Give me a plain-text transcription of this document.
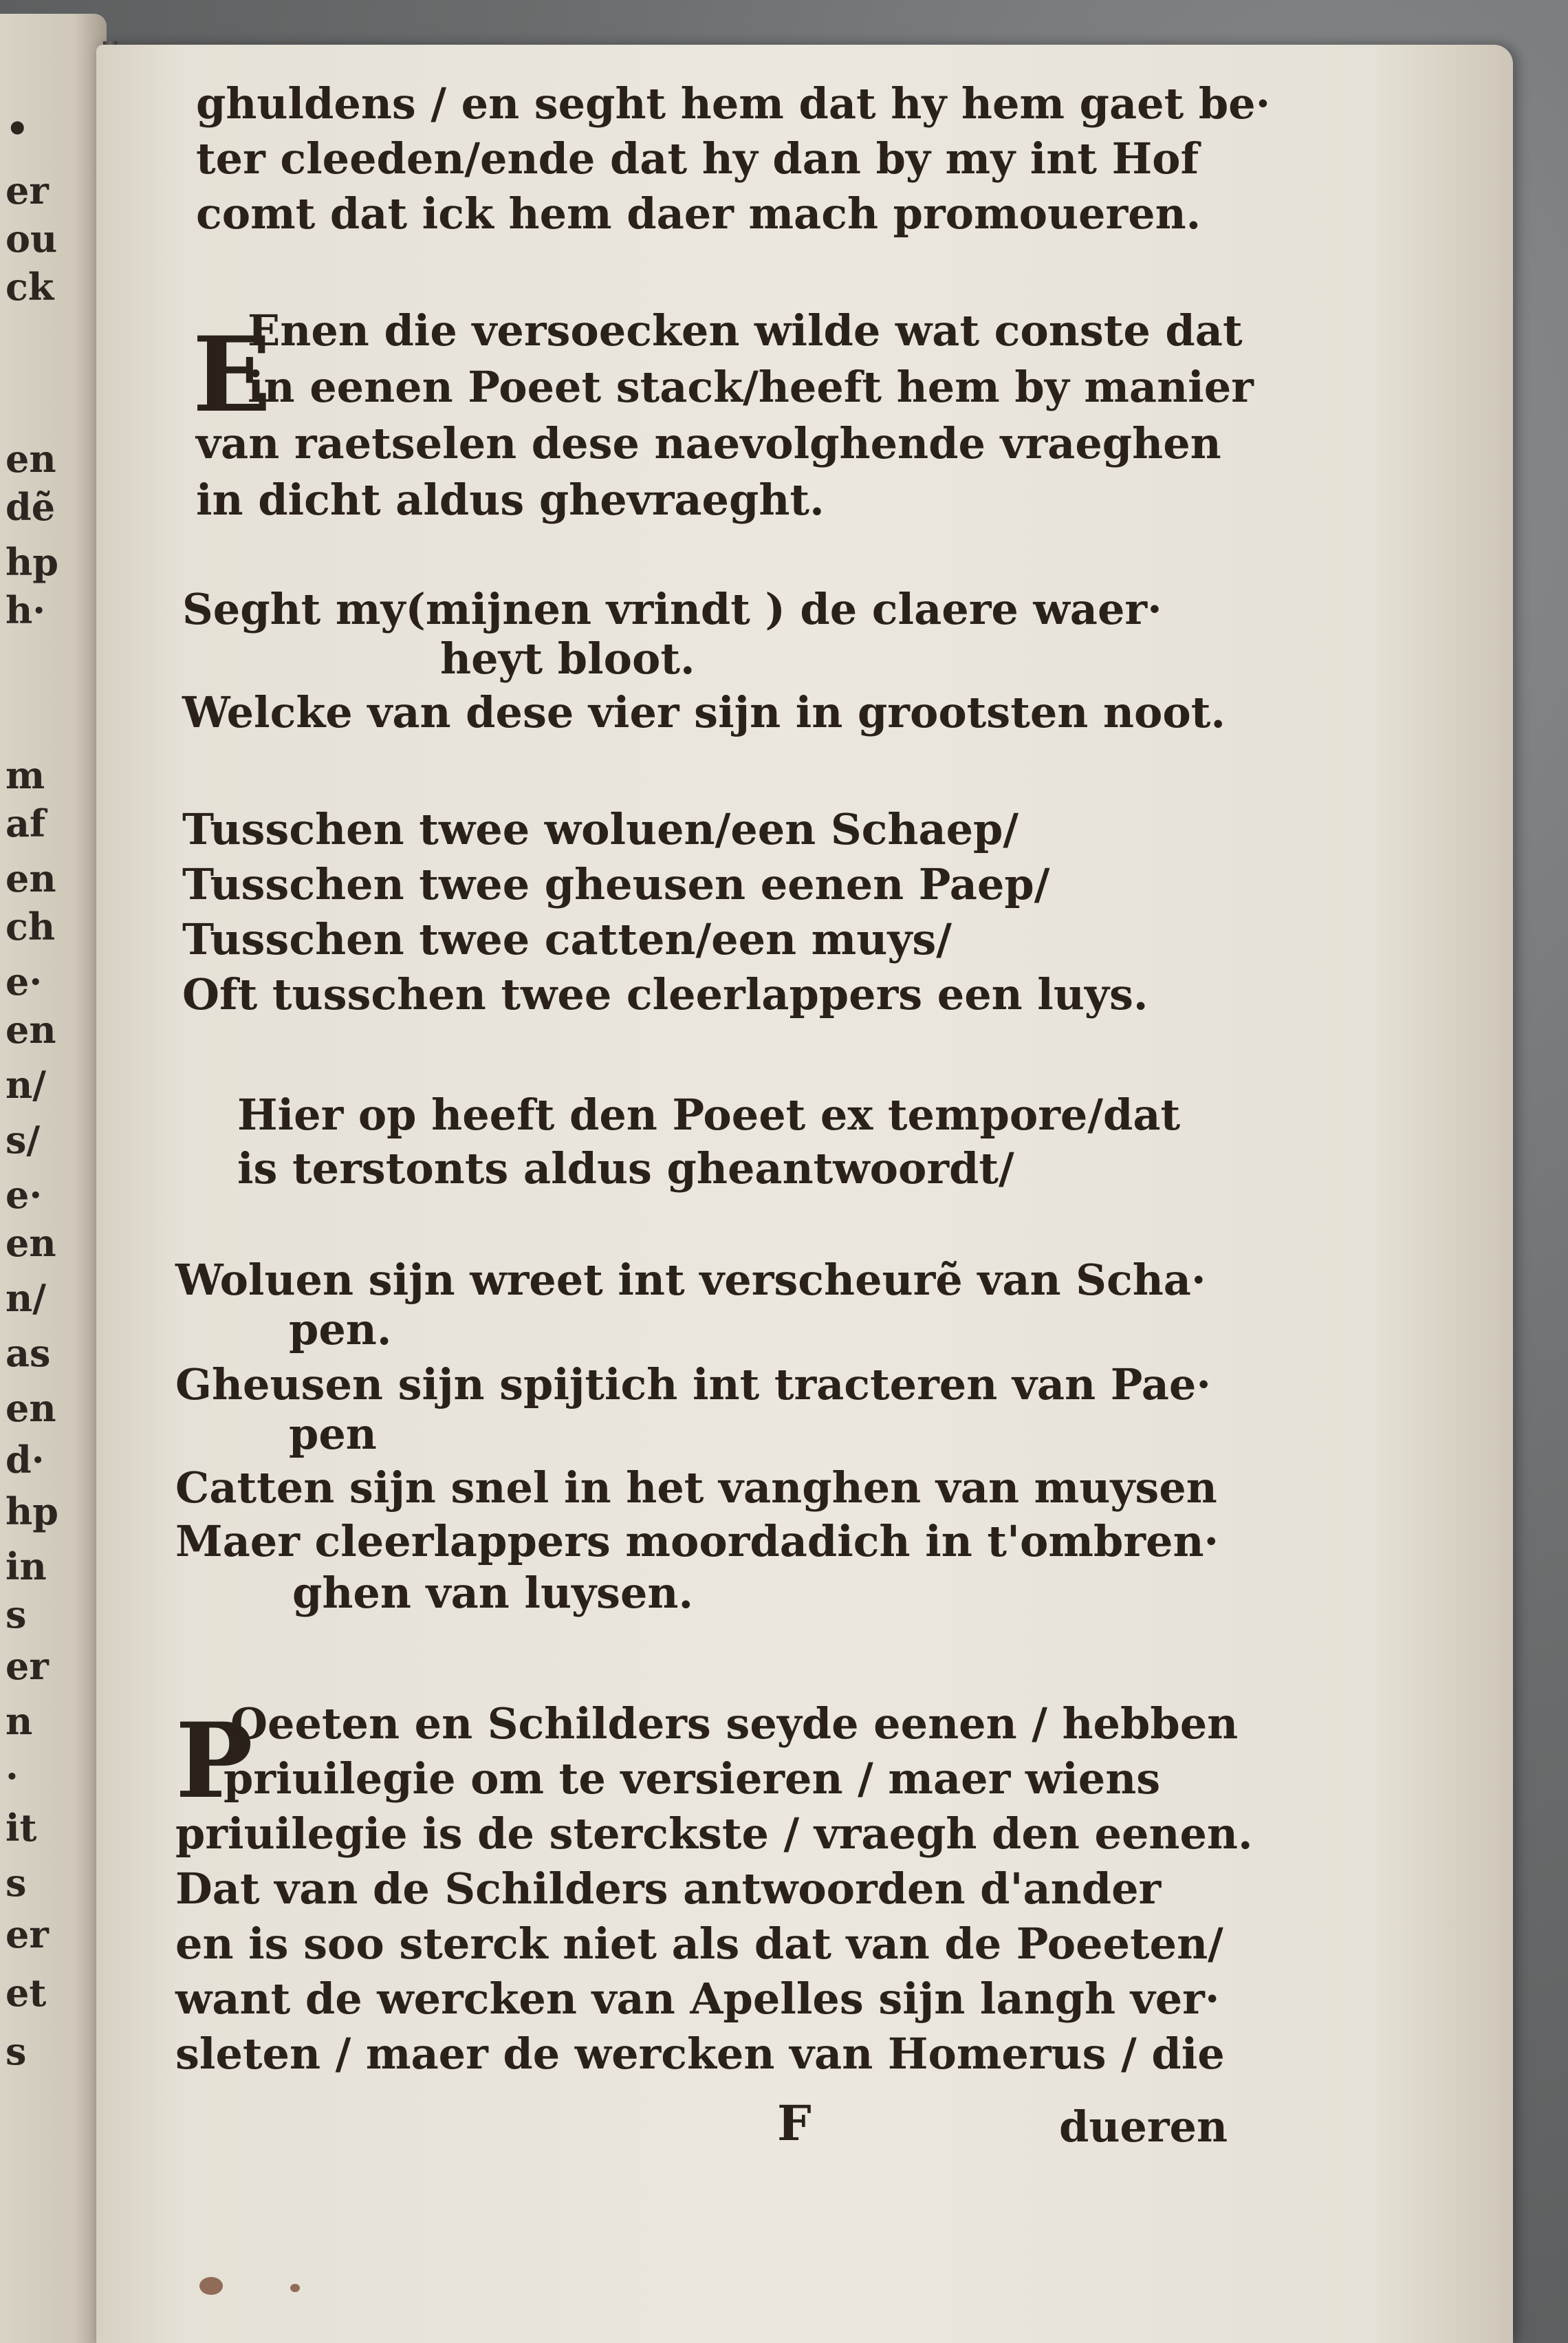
•
er
ou
ck
en
dẽ
hp
h·
m
af
en
ch
e·
en
n/
s/
e·
en
n/
as
en
d·
hp
in
s
er
n
·
it
s
er
et
s
ghuldens / en seght hem dat hy hem gaet be·
ter cleeden/ende dat hy dan by my int Hof
comt dat ick hem daer mach promoueren.
E
Enen die versoecken wilde wat conste dat
in eenen Poeet stack/heeft hem by manier
van raetselen dese naevolghende vraeghen
in dicht aldus ghevraeght.
Seght my(mijnen vrindt ) de claere waer·
heyt bloot.
Welcke van dese vier sijn in grootsten noot.
Tusschen twee woluen/een Schaep/
Tusschen twee gheusen eenen Paep/
Tusschen twee catten/een muys/
Oft tusschen twee cleerlappers een luys.
Hier op heeft den Poeet ex tempore/dat
is terstonts aldus gheantwoordt/
Woluen sijn wreet int verscheurẽ van Scha·
pen.
Gheusen sijn spijtich int tracteren van Pae·
pen
Catten sijn snel in het vanghen van muysen
Maer cleerlappers moordadich in t'ombren·
ghen van luysen.
P
Oeeten en Schilders seyde eenen / hebben
priuilegie om te versieren / maer wiens
priuilegie is de sterckste / vraegh den eenen.
Dat van de Schilders antwoorden d'ander
en is soo sterck niet als dat van de Poeeten/
want de wercken van Apelles sijn langh ver·
sleten / maer de wercken van Homerus / die
F	dueren
